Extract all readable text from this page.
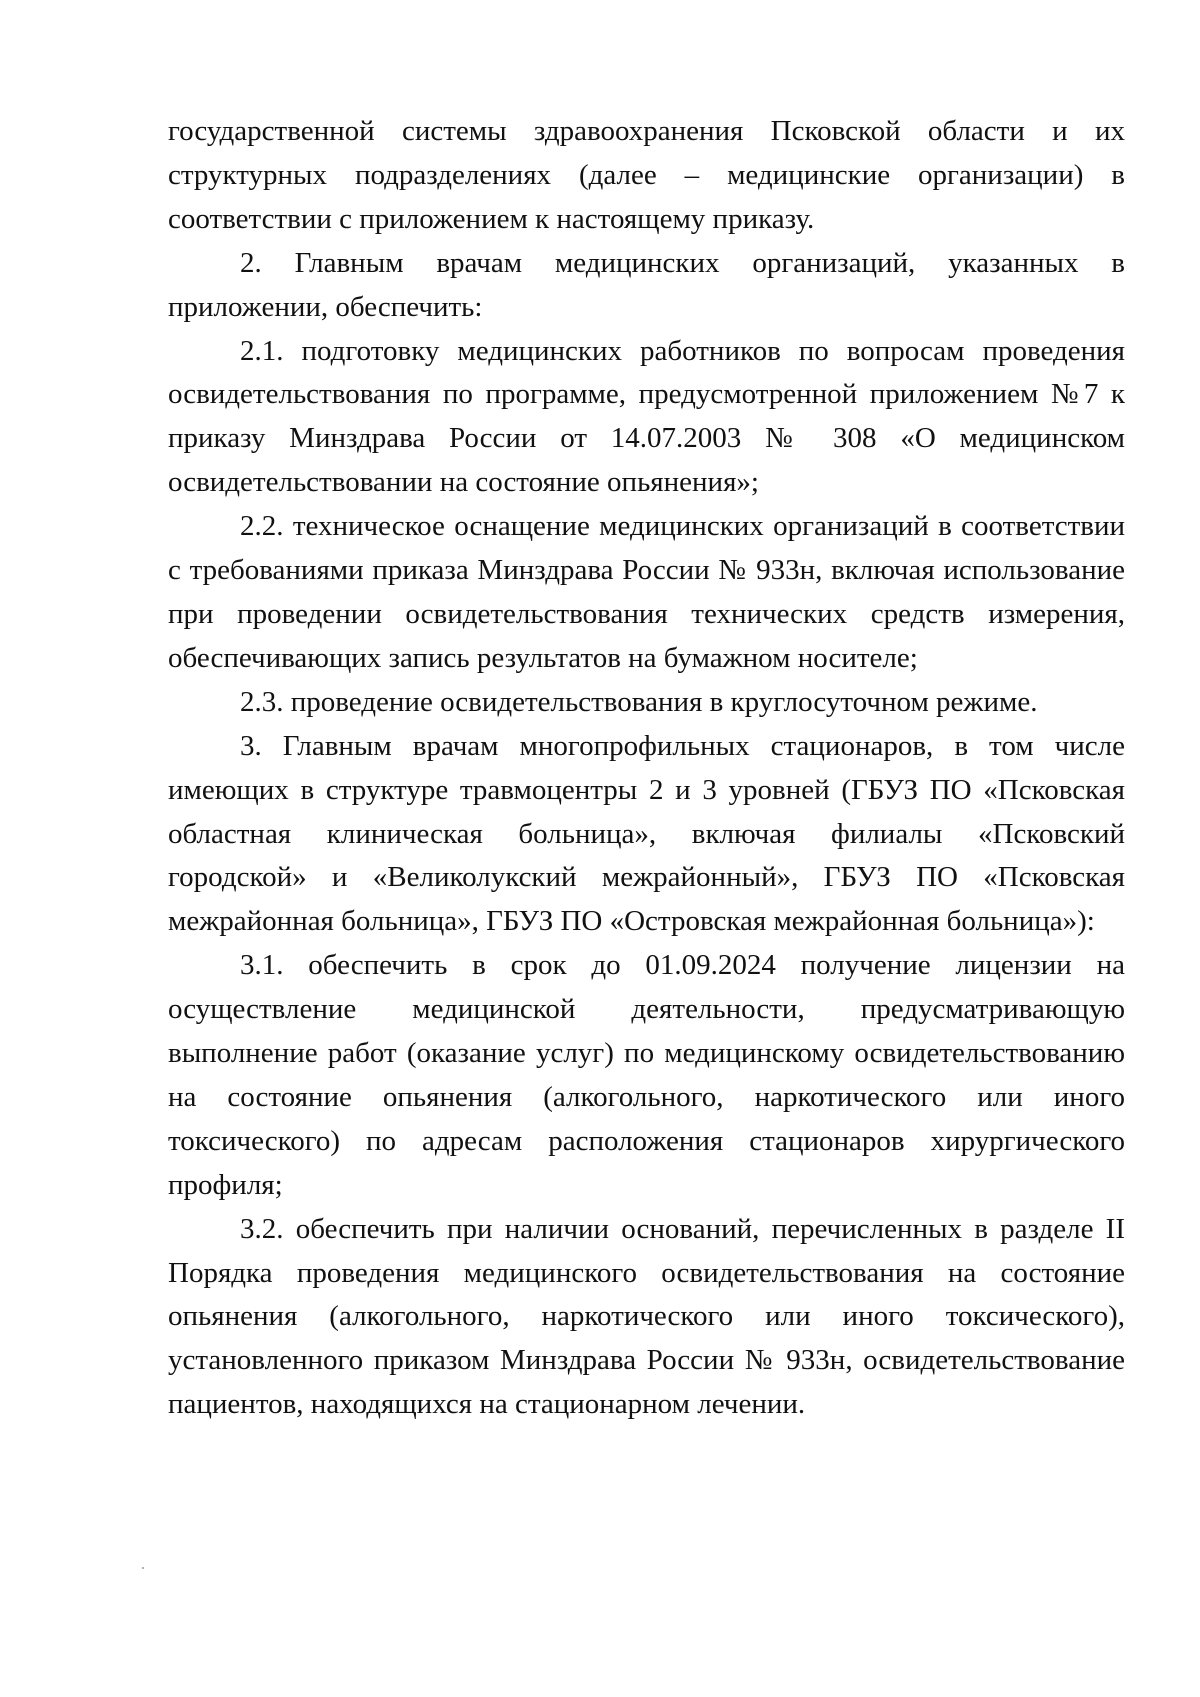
государственной системы здравоохранения Псковской области и их структурных подразделениях (далее – медицинские организации) в соответствии с приложением к настоящему приказу.

2. Главным врачам медицинских организаций, указанных в приложении, обеспечить:

2.1. подготовку медицинских работников по вопросам проведения освидетельствования по программе, предусмотренной приложением №7 к приказу Минздрава России от 14.07.2003 № 308 «О медицинском освидетельствовании на состояние опьянения»;

2.2. техническое оснащение медицинских организаций в соответствии с требованиями приказа Минздрава России № 933н, включая использование при проведении освидетельствования технических средств измерения, обеспечивающих запись результатов на бумажном носителе;

2.3. проведение освидетельствования в круглосуточном режиме.

3. Главным врачам многопрофильных стационаров, в том числе имеющих в структуре травмоцентры 2 и 3 уровней (ГБУЗ ПО «Псковская областная клиническая больница», включая филиалы «Псковский городской» и «Великолукский межрайонный», ГБУЗ ПО «Псковская межрайонная больница», ГБУЗ ПО «Островская межрайонная больница»):

3.1. обеспечить в срок до 01.09.2024 получение лицензии на осуществление медицинской деятельности, предусматривающую выполнение работ (оказание услуг) по медицинскому освидетельствованию на состояние опьянения (алкогольного, наркотического или иного токсического) по адресам расположения стационаров хирургического профиля;

3.2. обеспечить при наличии оснований, перечисленных в разделе II Порядка проведения медицинского освидетельствования на состояние опьянения (алкогольного, наркотического или иного токсического), установленного приказом Минздрава России № 933н, освидетельствование пациентов, находящихся на стационарном лечении.
